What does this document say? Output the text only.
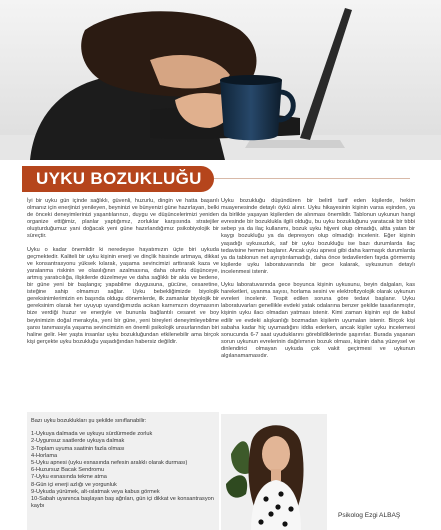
UYKU BOZUKLUĞU

İyi bir uyku gün içinde sağlıklı, güvenli, huzurlu, dingin ve hatta başarılı olmanız için enerjinizi yenileyen, beyninizi ve bünyenizi güne hazırlayan, belki de önceki deneyimlerinizi yaşantılarınızı, duygu ve düşüncelerimizi yeniden organize ettiğimiz, planlar yaptığımız, zorluklar karşısında stratejiler oluşturduğumuz yani doğacak yeni güne hazırlandığımız psikobiyolojik bir süreçtir.

Uyku o kadar önemlidir ki neredeyse hayatımızın üçte biri uykuda geçmektedir. Kaliteli bir uyku kişinin enerji ve dinçlik hissinde artmaya, dikkat ve konsantrasyonu yüksek kılarak, yaşama sevincimizi arttırarak kaza ve yaralanma riskinin ve olasılığının azalmasına, daha olumlu düşünceye, artmış yaratıcılığa, ilişkilerde düzelmeye ve daha sağlıklı bir akla ve bedene, bir güne yeni bir başlangıç yapabilme duygusuna, gücüne, cesaretine, isteğine sahip olmamızı sağlar. Uyku bebekliğimizde biyolojik gereksinimlerimizin en başında oldugu dönemlerde, ilk zamanlar biyolojik bir gereksinim olarak her uyuyup uyandığımızda acıkan karnımızın doymasının bize verdiği huzur ve enerjiyle ve bununla bağlantılı cesaret ve boy beyinimizin doğal merakıyla, yeni bir güne, yeni bireyleri deneyimleyebilme şansı tanımasıyla yaşama sevincimizin en önemli psikolojik unsurlarından biri haline gelir. Her yaşta insanlar uyku bozukluğundan etkilenebilir ama birçok kişi gerçekte uyku bozukluğu yaşadığından habersiz değildir.

Uyku bozukluğu düşündüren bir belirti tarif eden kişilerde, hekim muayenesinde detaylı öykü alınır. Uyku hikayesinin kişinin varsa eşinden, ya da birlikte yaşayan kişilerden de alınması önemlidir. Tablonun uykunun hangi evresinde bir bozuklukla ilgili olduğu, bu uyku bozukluğunu yaratacak bir tıbbi sebep ya da ilaç kullanımı, bozuk uyku hijyeni olup olmadığı, altta yatan bir kaygı bozukluğu ya da depresyon olup olmadığı incelenir. Eğer kişinin yaşadığı uykusuzluk, saf bir uyku bozukluğu ise bazı durumlarda ilaç tedavisine hemen başlanır. Ancak uyku apnesi gibi daha karmaşık durumlarda ya da tablonun net ayrıştırılamadığı, daha önce tedavilerden fayda görmemiş kişilerde uyku laboratuvarında bir gece kalarak, uykusunun detaylı incelenmesi istenir.

Uyku laboratuvarında gece boyunca kişinin uykusunu, beyin dalgaları, kas hareketleri, uyanma sayısı, horlama sesini ve elektrofizyolojik olarak uykunun evreleri incelenir. Tespit edilen soruna göre tedavi başlanır. Uyku laboratuvarları genellikle evdeki yatak odalarına benzer şekilde tasarlanmıştır, kişinin uyku ilacı olmadan yatması istenir. Kimi zaman kişinin eşi de kabul edilir ve evdeki alışkanlığı bozmadan kişilerin uyumaları istenir. Birçok kişi sabaha kadar hiç uyumadığını iddia ederken, ancak kişiler uyku incelemesi sonucunda 6-7 saat uyuduklarını görebildiklerinde şaşırırlar. Burada yaşanan sorun uykunun evrelerinin dağılımının bozuk olması, kişinin daha yüzeysel ve dinlendirici olmayan uykuda çok vakit geçirmesi ve uykunun algılanamamasıdır.

Bazı uyku bozuklukları şu şekilde sınıflanabilir:
1-Uykuya dalmada ve uykuyu sürdürmede zorluk
2-Uygunsuz saatlerde uykuya dalmak
3-Toplam uyuma saatinin fazla olması
4-Horlama
5-Uyku apnesi (uyku esnasında nefesin aralıklı olarak durması)
6-Huzursuz Bacak Sendromu
7-Uyku esnasında tekme atma
8-Gün içi enerji azlığı ve yorgunluk
9-Uykuda yürümek, alt-ıslatmak veya kabus görmek
10-Sabah uyanınca başlayan baş ağrıları, gün içi dikkat ve konsantrasyon kaybı
Psikolog Ezgi ALBAŞ
